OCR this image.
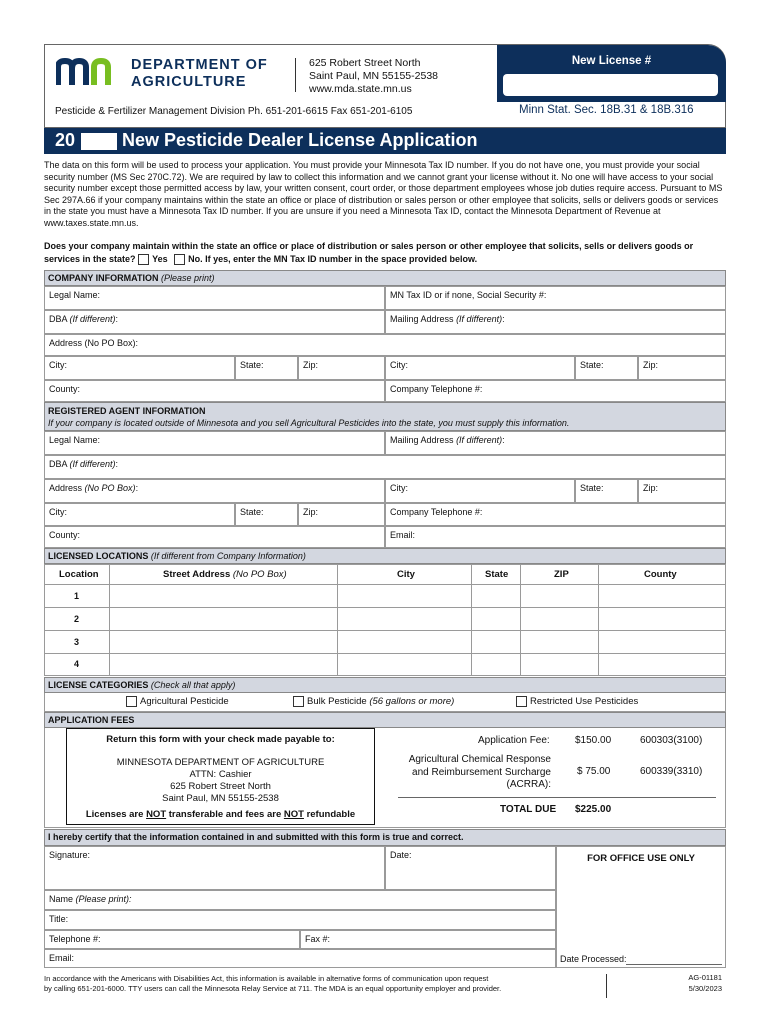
DEPARTMENT OF
AGRICULTURE
625 Robert Street North
Saint Paul, MN 55155-2538
www.mda.state.mn.us
New License #
Pesticide & Fertilizer Management Division Ph. 651-201-6615 Fax 651-201-6105	Minn Stat. Sec. 18B.31 & 18B.316
20	New Pesticide Dealer License Application
The data on this form will be used to process your application. You must provide your Minnesota Tax ID number. If you do not have one, you must provide your social security number (MS Sec 270C.72). We are required by law to collect this information and we cannot grant your license without it. No one will have access to your social security number except those permitted access by law, your written consent, court order, or those department employees whose job duties require access. Pursuant to MS Sec 297A.66 if your company maintains within the state an office or place of distribution or sales person or other employee that solicits, sells or delivers goods or services in the state you must have a Minnesota Tax ID number. If you are unsure if you need a Minnesota Tax ID, contact the Minnesota Department of Revenue at www.taxes.state.mn.us.
Does your company maintain within the state an office or place of distribution or sales person or other employee that solicits, sells or delivers goods or services in the state? Yes No. If yes, enter the MN Tax ID number in the space provided below.
COMPANY INFORMATION (Please print)
Legal Name:	MN Tax ID or if none, Social Security #:
DBA (If different):	Mailing Address (If different):
Address (No PO Box):
City:	State:	Zip:	City:	State:	Zip:
County:	Company Telephone #:
REGISTERED AGENT INFORMATION
If your company is located outside of Minnesota and you sell Agricultural Pesticides into the state, you must supply this information.
Legal Name:	Mailing Address (If different):
DBA (If different):
Address (No PO Box):	City:	State:	Zip:
City:	State:	Zip:	Company Telephone #:
County:	Email:
LICENSED LOCATIONS (If different from Company Information)
Location	Street Address (No PO Box)	City	State	ZIP	County
1
2
3
4
LICENSE CATEGORIES (Check all that apply)
Agricultural Pesticide	Bulk Pesticide (56 gallons or more)	Restricted Use Pesticides
APPLICATION FEES
Return this form with your check made payable to:
MINNESOTA DEPARTMENT OF AGRICULTURE
ATTN: Cashier
625 Robert Street North
Saint Paul, MN 55155-2538
Licenses are NOT transferable and fees are NOT refundable
Application Fee:	$150.00	600303(3100)
Agricultural Chemical Response
and Reimbursement Surcharge
(ACRRA):
$ 75.00	600339(3310)
TOTAL DUE $225.00
I hereby certify that the information contained in and submitted with this form is true and correct.
Signature:	Date:	FOR OFFICE USE ONLY
Name (Please print):
Title:
Telephone #:	Fax #:
Email:	Date Processed:
In accordance with the Americans with Disabilities Act, this information is available in alternative forms of communication upon request
by calling 651-201-6000. TTY users can call the Minnesota Relay Service at 711. The MDA is an equal opportunity employer and provider.
AG-01181
5/30/2023
